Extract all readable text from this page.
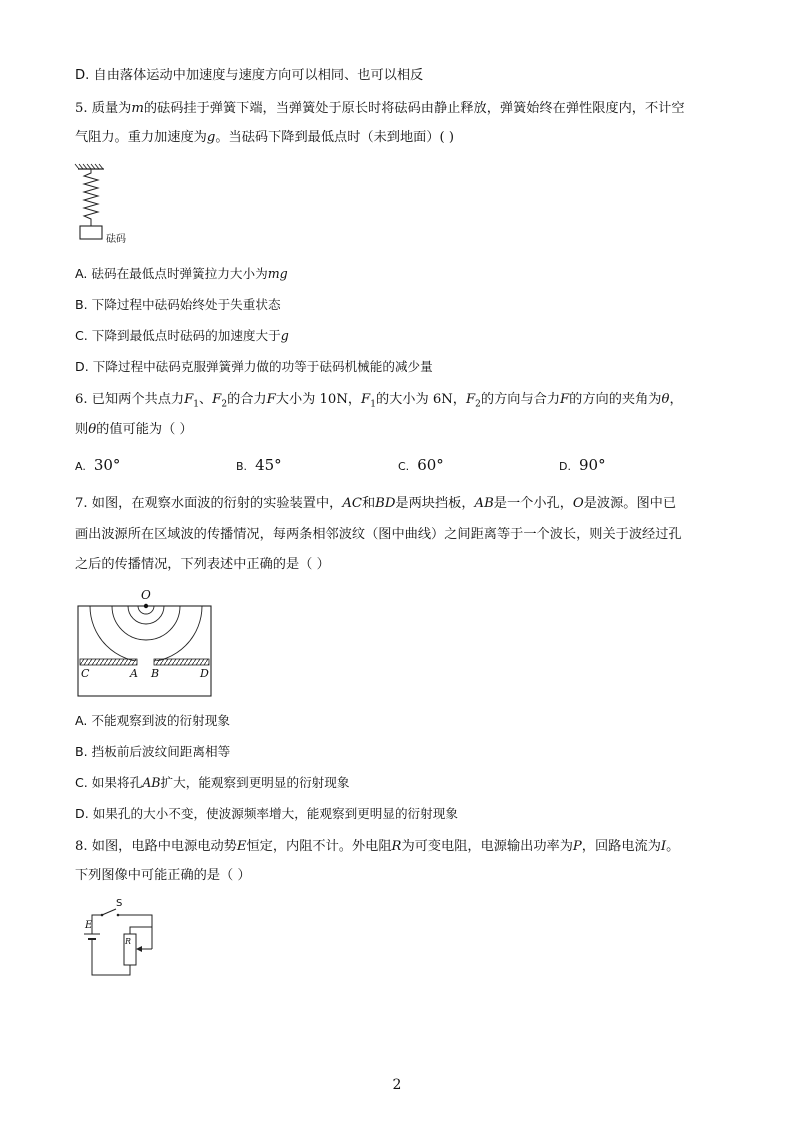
D. 自由落体运动中加速度与速度方向可以相同、也可以相反
5. 质量为m的砝码挂于弹簧下端，当弹簧处于原长时将砝码由静止释放，弹簧始终在弹性限度内，不计空
气阻力。重力加速度为g。当砝码下降到最低点时（未到地面）( )
砝码
A. 砝码在最低点时弹簧拉力大小为mg
B. 下降过程中砝码始终处于失重状态
C. 下降到最低点时砝码的加速度大于g
D. 下降过程中砝码克服弹簧弹力做的功等于砝码机械能的减少量
6. 已知两个共点力$F_1$、$F_2$的合力F大小为 10N，$F_1$的大小为 6N，$F_2$的方向与合力F的方向的夹角为θ，
则θ的值可能为（ ）
A. 30°	B. 45°	C. 60°	D. 90°
7. 如图，在观察水面波的衍射的实验装置中，AC和BD是两块挡板，AB是一个小孔，O是波源。图中已
画出波源所在区域波的传播情况，每两条相邻波纹（图中曲线）之间距离等于一个波长，则关于波经过孔
之后的传播情况，下列表述中正确的是（ ）
O
C	A B	D
A. 不能观察到波的衍射现象
B. 挡板前后波纹间距离相等
C. 如果将孔AB扩大，能观察到更明显的衍射现象
D. 如果孔的大小不变，使波源频率增大，能观察到更明显的衍射现象
8. 如图，电路中电源电动势E恒定，内阻不计。外电阻R为可变电阻，电源输出功率为P，回路电流为I。
下列图像中可能正确的是（ ）
S
E
R
2
